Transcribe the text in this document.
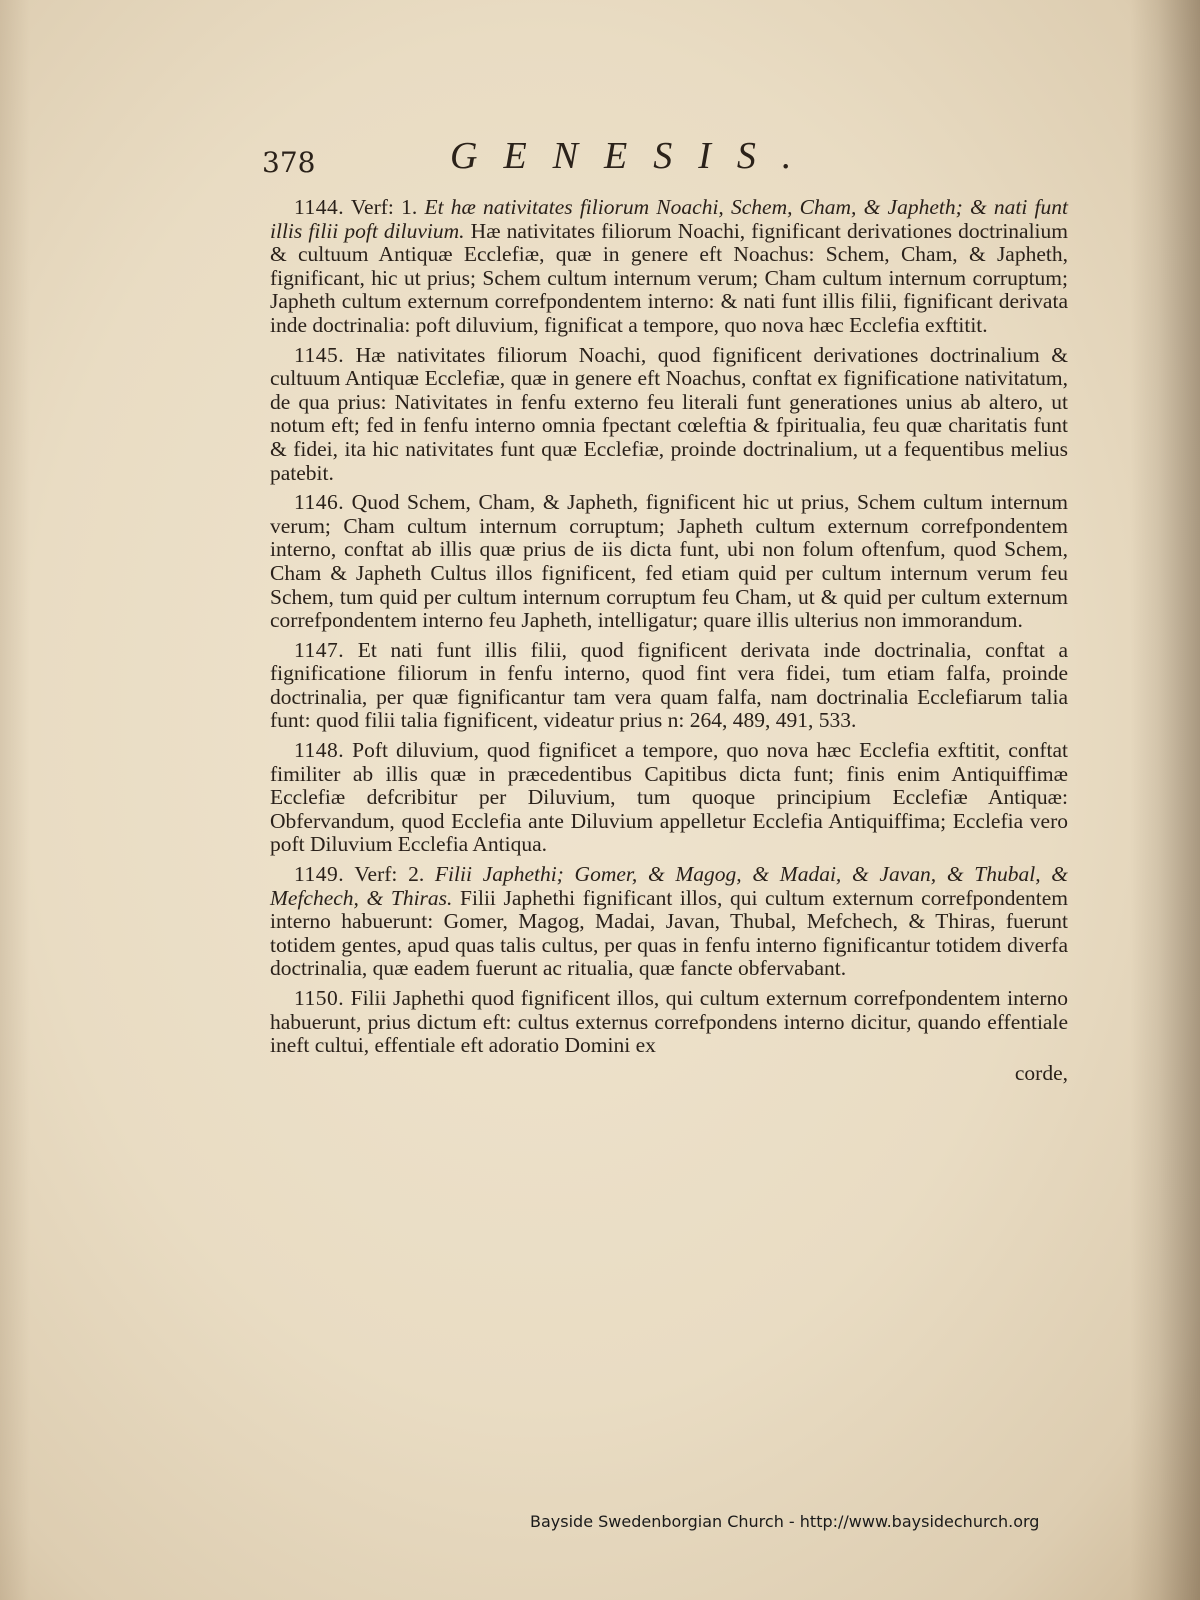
378	GENESIS.

1144. Verf: 1. Et hæ nativitates filiorum Noachi, Schem, Cham, & Japheth; & nati funt illis filii poft diluvium. Hæ nativitates filiorum Noachi, fignificant derivationes doctrinalium & cultuum Antiquæ Ecclefiæ, quæ in genere eft Noachus: Schem, Cham, & Japheth, fignificant, hic ut prius; Schem cultum internum verum; Cham cultum internum corruptum; Japheth cultum externum correfpondentem interno: & nati funt illis filii, fignificant derivata inde doctrinalia: poft diluvium, fignificat a tempore, quo nova hæc Ecclefia exftitit.

1145. Hæ nativitates filiorum Noachi, quod fignificent derivationes doctrinalium & cultuum Antiquæ Ecclefiæ, quæ in genere eft Noachus, conftat ex fignificatione nativitatum, de qua prius: Nativitates in fenfu externo feu literali funt generationes unius ab altero, ut notum eft; fed in fenfu interno omnia fpectant cœleftia & fpiritualia, feu quæ charitatis funt & fidei, ita hic nativitates funt quæ Ecclefiæ, proinde doctrinalium, ut a fequentibus melius patebit.

1146. Quod Schem, Cham, & Japheth, fignificent hic ut prius, Schem cultum internum verum; Cham cultum internum corruptum; Japheth cultum externum correfpondentem interno, conftat ab illis quæ prius de iis dicta funt, ubi non folum oftenfum, quod Schem, Cham & Japheth Cultus illos fignificent, fed etiam quid per cultum internum verum feu Schem, tum quid per cultum internum corruptum feu Cham, ut & quid per cultum externum correfpondentem interno feu Japheth, intelligatur; quare illis ulterius non immorandum.

1147. Et nati funt illis filii, quod fignificent derivata inde doctrinalia, conftat a fignificatione filiorum in fenfu interno, quod fint vera fidei, tum etiam falfa, proinde doctrinalia, per quæ fignificantur tam vera quam falfa, nam doctrinalia Ecclefiarum talia funt: quod filii talia fignificent, videatur prius n: 264, 489, 491, 533.

1148. Poft diluvium, quod fignificet a tempore, quo nova hæc Ecclefia exftitit, conftat fimiliter ab illis quæ in præcedentibus Capitibus dicta funt; finis enim Antiquiffimæ Ecclefiæ defcribitur per Diluvium, tum quoque principium Ecclefiæ Antiquæ: Obfervandum, quod Ecclefia ante Diluvium appelletur Ecclefia Antiquiffima; Ecclefia vero poft Diluvium Ecclefia Antiqua.

1149. Verf: 2. Filii Japhethi; Gomer, & Magog, & Madai, & Javan, & Thubal, & Mefchech, & Thiras. Filii Japhethi fignificant illos, qui cultum externum correfpondentem interno habuerunt: Gomer, Magog, Madai, Javan, Thubal, Mefchech, & Thiras, fuerunt totidem gentes, apud quas talis cultus, per quas in fenfu interno fignificantur totidem diverfa doctrinalia, quæ eadem fuerunt ac ritualia, quæ fancte obfervabant.

1150. Filii Japhethi quod fignificent illos, qui cultum externum correfpondentem interno habuerunt, prius dictum eft: cultus externus correfpondens interno dicitur, quando effentiale ineft cultui, effentiale eft adoratio Domini ex

corde,
Bayside Swedenborgian Church - http://www.baysidechurch.org
